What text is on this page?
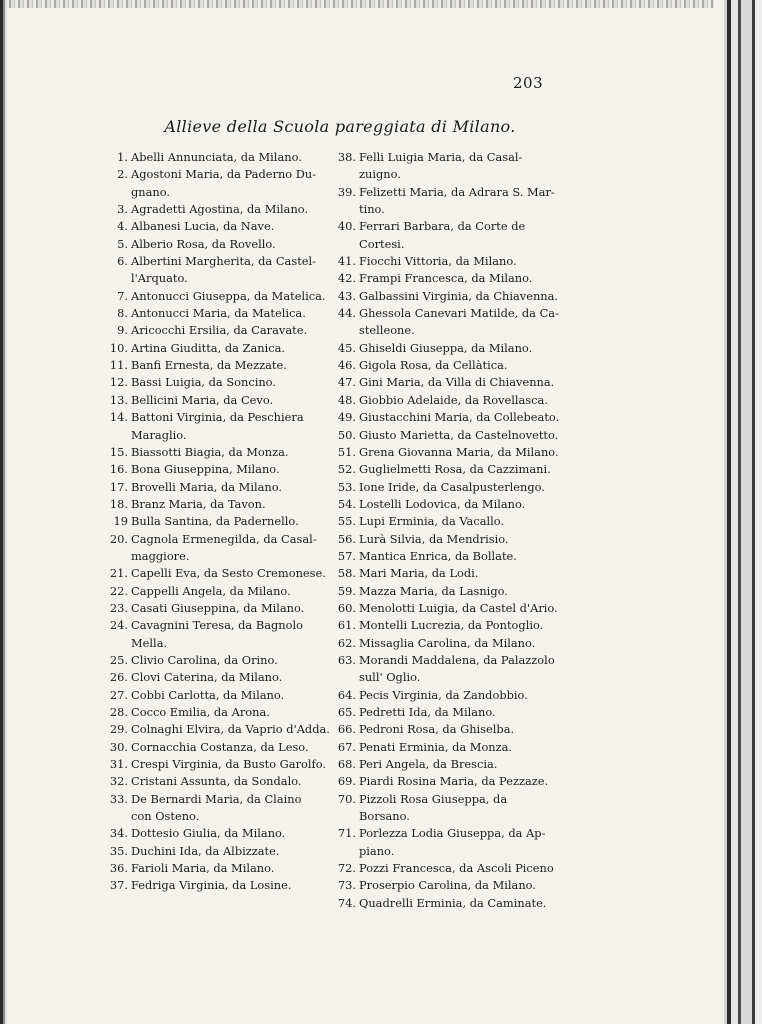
203
Allieve della Scuola pareggiata di Milano.
1. Abelli Annunciata, da Milano.
2. Agostoni Maria, da Paderno Du-
gnano.
3. Agradetti Agostina, da Milano.
4. Albanesi Lucia, da Nave.
5. Alberio Rosa, da Rovello.
6. Albertini Margherita, da Castel-
l'Arquato.
7. Antonucci Giuseppa, da Matelica.
8. Antonucci Maria, da Matelica.
9. Aricocchi Ersilia, da Caravate.
10. Artina Giuditta, da Zanica.
11. Banfi Ernesta, da Mezzate.
12. Bassi Luigia, da Soncino.
13. Bellicini Maria, da Cevo.
14. Battoni Virginia, da Peschiera
Maraglio.
15. Biassotti Biagia, da Monza.
16. Bona Giuseppina, Milano.
17. Brovelli Maria, da Milano.
18. Branz Maria, da Tavon.
19 Bulla Santina, da Padernello.
20. Cagnola Ermenegilda, da Casal-
maggiore.
21. Capelli Eva, da Sesto Cremonese.
22. Cappelli Angela, da Milano.
23. Casati Giuseppina, da Milano.
24. Cavagnini Teresa, da Bagnolo
Mella.
25. Clivio Carolina, da Orino.
26. Clovi Caterina, da Milano.
27. Cobbi Carlotta, da Milano.
28. Cocco Emilia, da Arona.
29. Colnaghi Elvira, da Vaprio d'Adda.
30. Cornacchia Costanza, da Leso.
31. Crespi Virginia, da Busto Garolfo.
32. Cristani Assunta, da Sondalo.
33. De Bernardi Maria, da Claino
con Osteno.
34. Dottesio Giulia, da Milano.
35. Duchini Ida, da Albizzate.
36. Farioli Maria, da Milano.
37. Fedriga Virginia, da Losine.
38. Felli Luigia Maria, da Casal-
zuigno.
39. Felizetti Maria, da Adrara S. Mar-
tino.
40. Ferrari Barbara, da Corte de
Cortesi.
41. Fiocchi Vittoria, da Milano.
42. Frampi Francesca, da Milano.
43. Galbassini Virginia, da Chiavenna.
44. Ghessola Canevari Matilde, da Ca-
stelleone.
45. Ghiseldi Giuseppa, da Milano.
46. Gigola Rosa, da Cellàtica.
47. Gini Maria, da Villa di Chiavenna.
48. Giobbio Adelaide, da Rovellasca.
49. Giustacchini Maria, da Collebeato.
50. Giusto Marietta, da Castelnovetto.
51. Grena Giovanna Maria, da Milano.
52. Guglielmetti Rosa, da Cazzimani.
53. Ione Iride, da Casalpusterlengo.
54. Lostelli Lodovica, da Milano.
55. Lupi Erminia, da Vacallo.
56. Lurà Silvia, da Mendrisio.
57. Mantica Enrica, da Bollate.
58. Mari Maria, da Lodi.
59. Mazza Maria, da Lasnigo.
60. Menolotti Luigia, da Castel d'Ario.
61. Montelli Lucrezia, da Pontoglio.
62. Missaglia Carolina, da Milano.
63. Morandi Maddalena, da Palazzolo
sull' Oglio.
64. Pecis Virginia, da Zandobbio.
65. Pedretti Ida, da Milano.
66. Pedroni Rosa, da Ghiselba.
67. Penati Erminia, da Monza.
68. Peri Angela, da Brescia.
69. Piardi Rosina Maria, da Pezzaze.
70. Pizzoli Rosa Giuseppa, da Borsano.
71. Porlezza Lodia Giuseppa, da Ap-
piano.
72. Pozzi Francesca, da Ascoli Piceno
73. Proserpio Carolina, da Milano.
74. Quadrelli Erminia, da Caminate.
